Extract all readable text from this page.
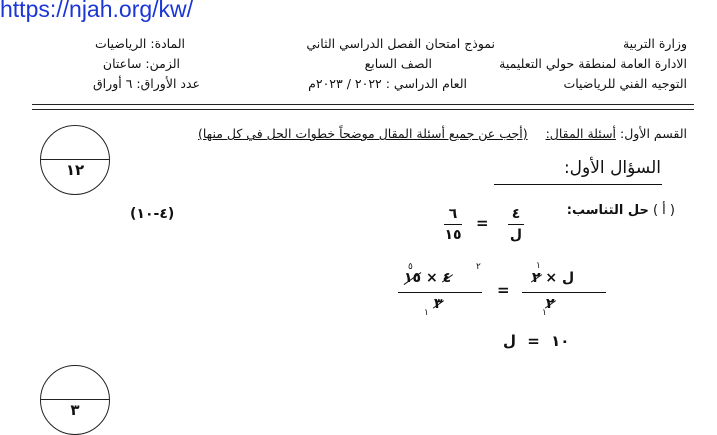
https://njah.org/kw/
وزارة التربية
نموذج امتحان الفصل الدراسي الثاني
المادة: الرياضيات
الادارة العامة لمنطقة حولي التعليمية
الصف السابع
الزمن: ساعتان
التوجيه الفني للرياضيات
العام الدراسي : ٢٠٢٢ / ٢٠٢٣م
عدد الأوراق: ٦ أوراق
١٢
٣
القسم الأول: أسئلة المقال:  (أجب عن جميع أسئلة المقال موضحاً خطوات الحل في كل منها)
السؤال الأول:
( أ ) حل التناسب:
(٤-١٠)	٦
١٥
= ٤
ل
١٥ × ٤
٥	٢
٣
١
=
٢ × ل
١
٢
١
١٠ = ل
